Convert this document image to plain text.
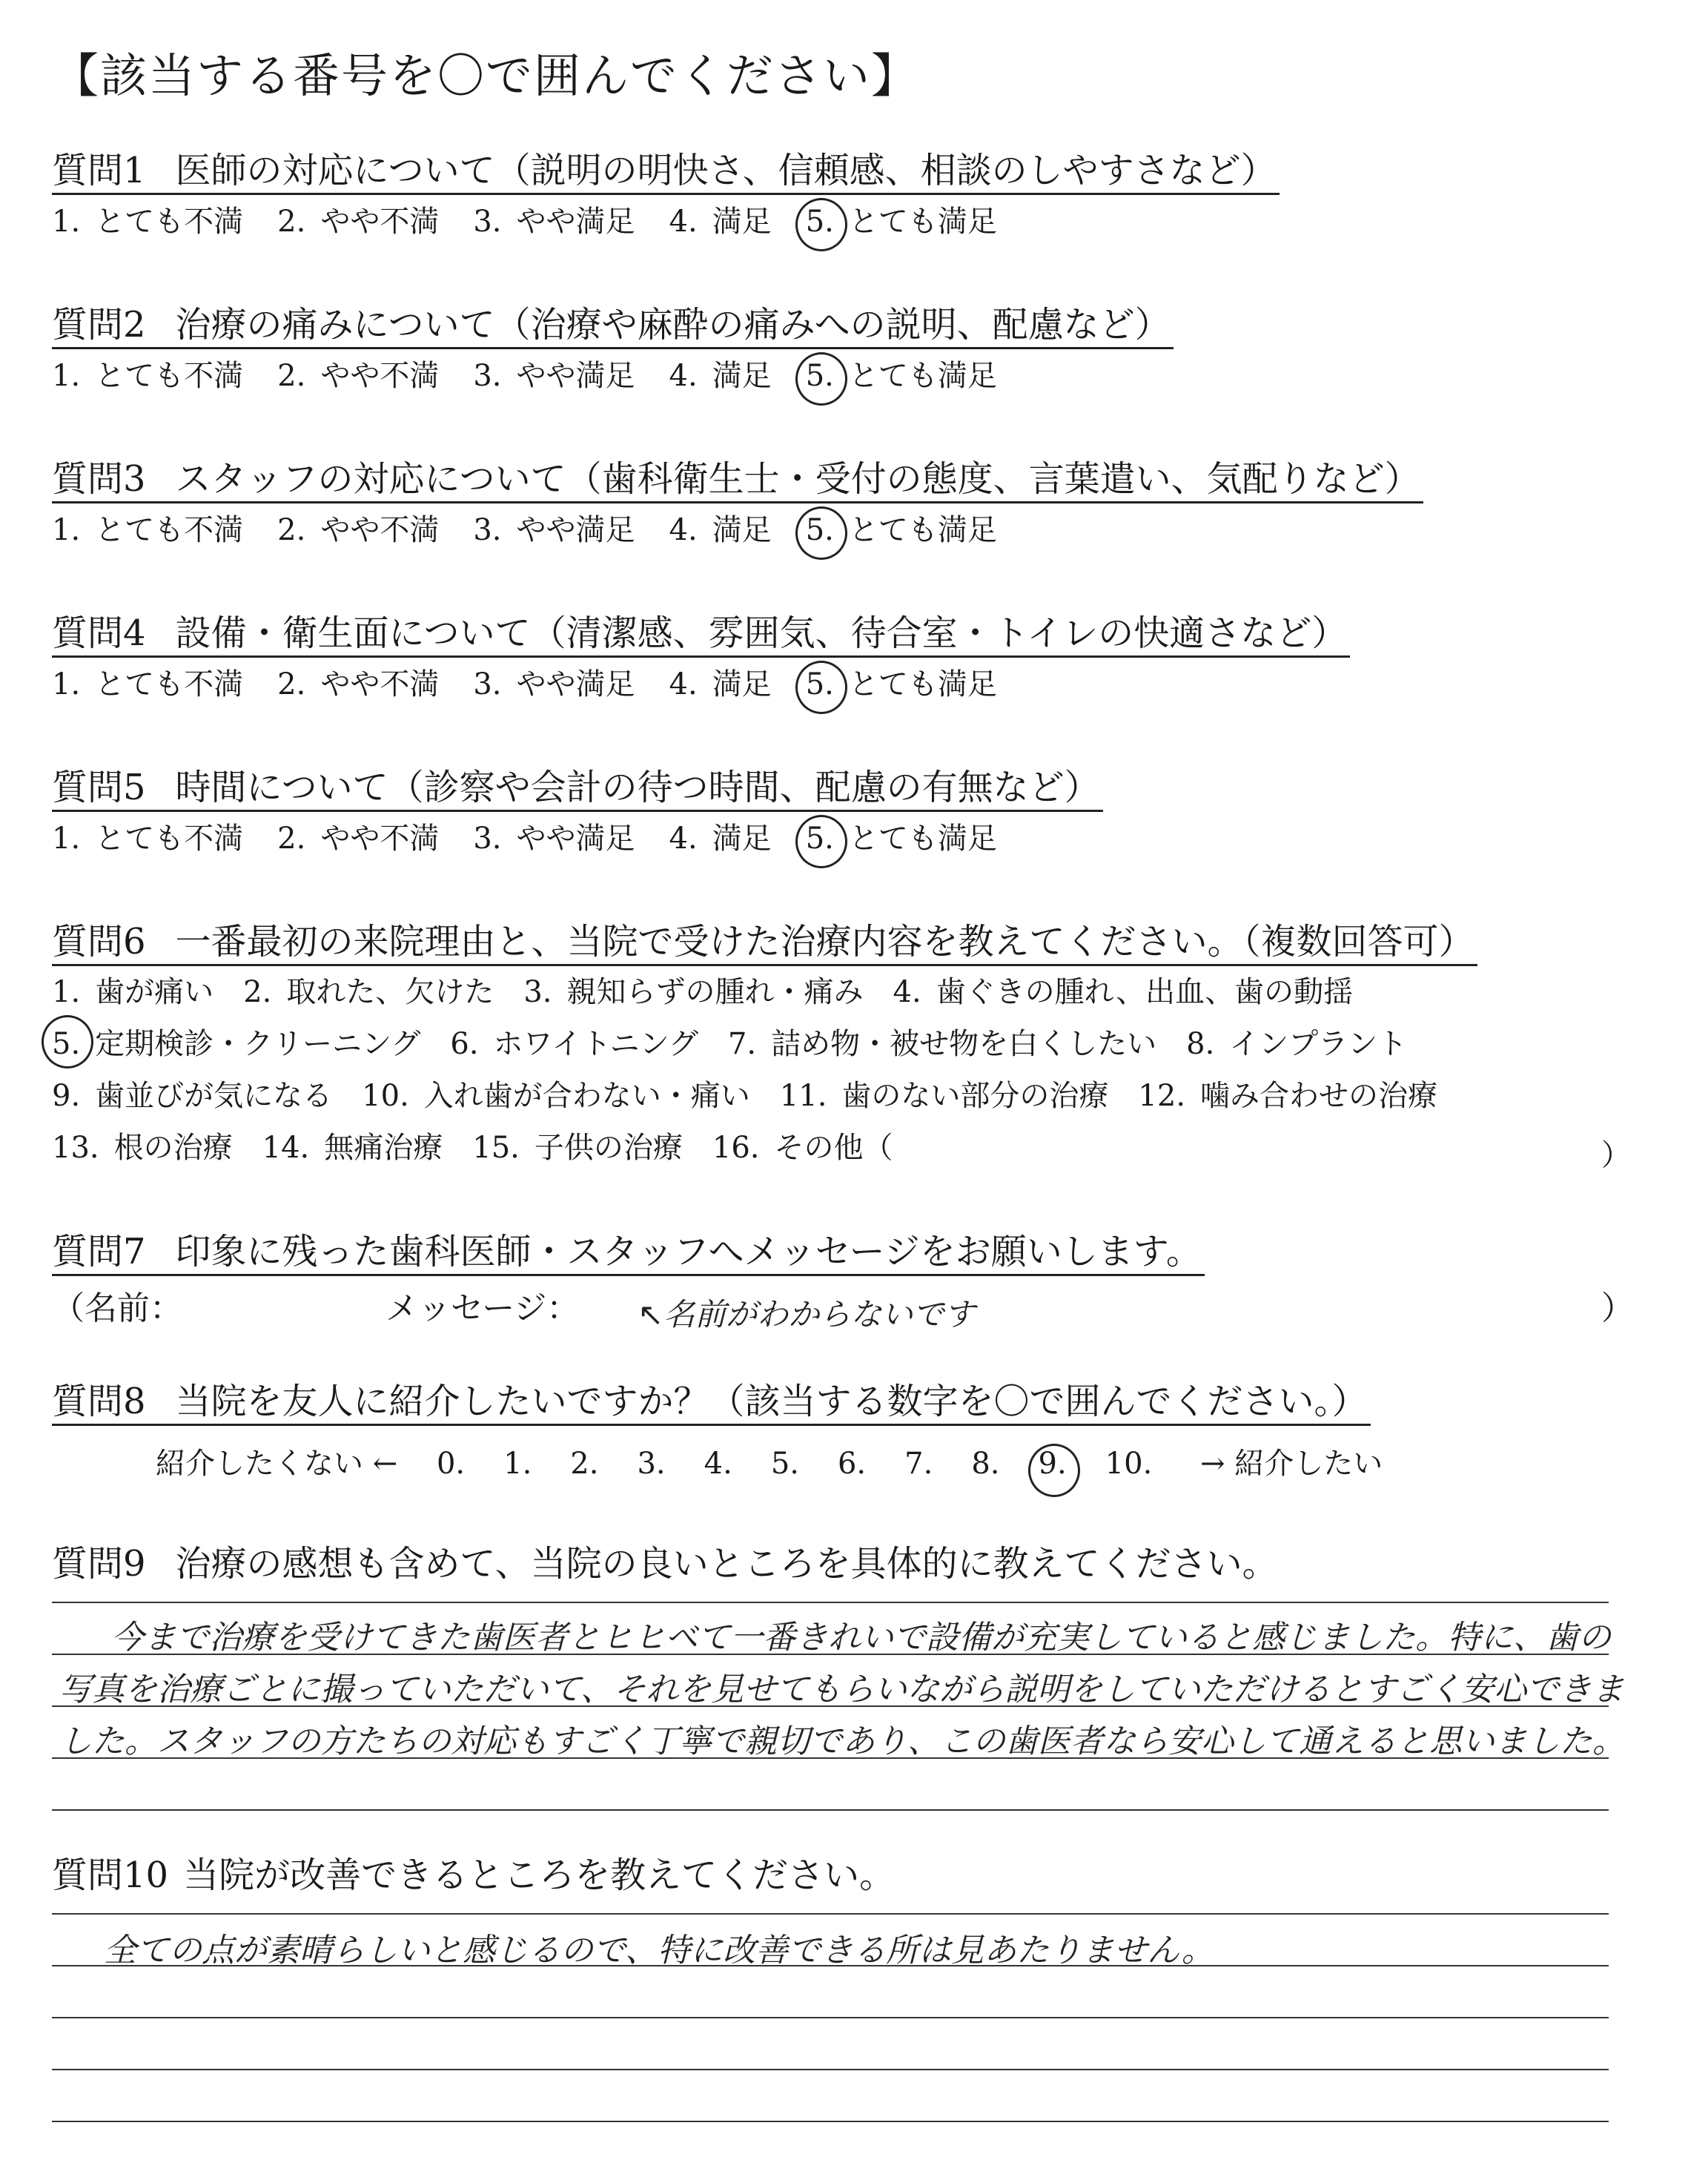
【該当する番号を〇で囲んでください】
質問1 医師の対応について（説明の明快さ、信頼感、相談のしやすさなど）
1. とても不満 2. やや不満 3. やや満足 4. 満足 5. とても満足
質問2 治療の痛みについて（治療や麻酔の痛みへの説明、配慮など）
1. とても不満 2. やや不満 3. やや満足 4. 満足 5. とても満足
質問3 スタッフの対応について（歯科衛生士・受付の態度、言葉遣い、気配りなど）
1. とても不満 2. やや不満 3. やや満足 4. 満足 5. とても満足
質問4 設備・衛生面について（清潔感、雰囲気、待合室・トイレの快適さなど）
1. とても不満 2. やや不満 3. やや満足 4. 満足 5. とても満足
質問5 時間について（診察や会計の待つ時間、配慮の有無など）
1. とても不満 2. やや不満 3. やや満足 4. 満足 5. とても満足
質問6 一番最初の来院理由と、当院で受けた治療内容を教えてください。（複数回答可）
1. 歯が痛い 2. 取れた、欠けた 3. 親知らずの腫れ・痛み 4. 歯ぐきの腫れ、出血、歯の動揺
5. 定期検診・クリーニング 6. ホワイトニング 7. 詰め物・被せ物を白くしたい 8. インプラント
9. 歯並びが気になる 10. 入れ歯が合わない・痛い 11. 歯のない部分の治療 12. 噛み合わせの治療
13. 根の治療 14. 無痛治療 15. 子供の治療 16. その他（	）
質問7 印象に残った歯科医師・スタッフへメッセージをお願いします。
（名前：	メッセージ： ↖名前がわからないです	）
質問8 当院を友人に紹介したいですか？（該当する数字を〇で囲んでください。）
紹介したくない ← 0. 1. 2. 3. 4. 5. 6. 7. 8. 9. 10. → 紹介したい
質問9 治療の感想も含めて、当院の良いところを具体的に教えてください。
今まで治療を受けてきた歯医者とヒヒベて一番きれいで設備が充実していると感じました。特に、歯の
写真を治療ごとに撮っていただいて、それを見せてもらいながら説明をしていただけるとすごく安心できま
した。スタッフの方たちの対応もすごく丁寧で親切であり、この歯医者なら安心して通えると思いました。
質問10 当院が改善できるところを教えてください。
全ての点が素晴らしいと感じるので、特に改善できる所は見あたりません。
